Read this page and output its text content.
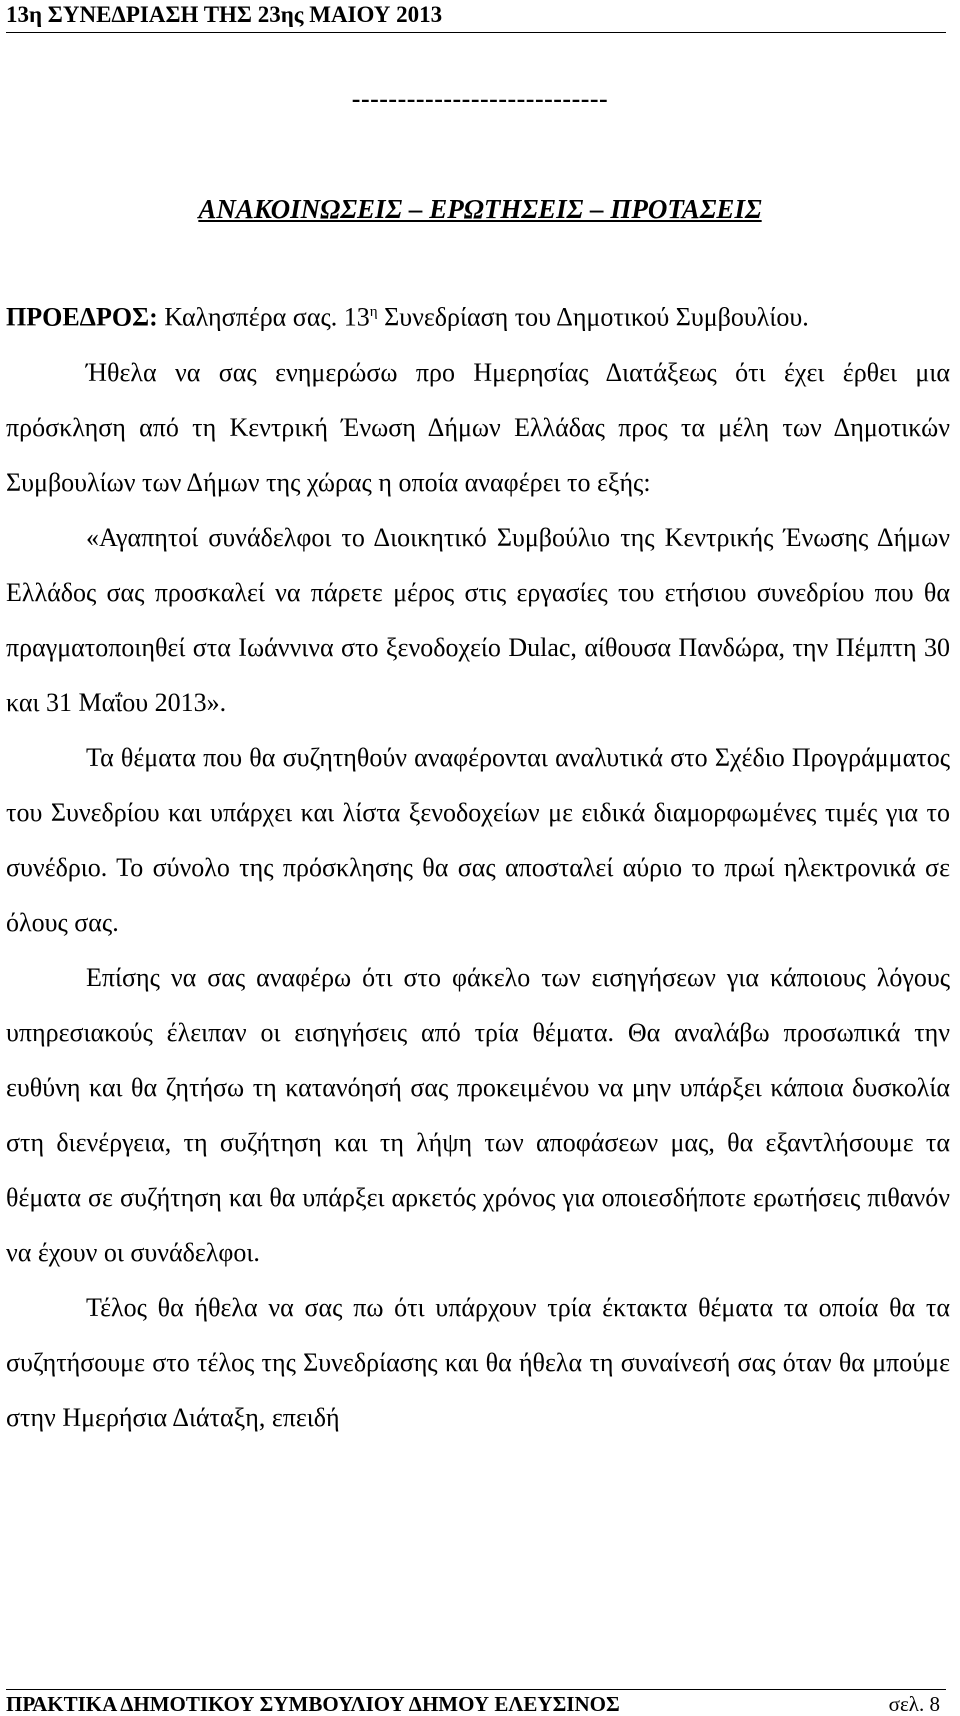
13η ΣΥΝΕΔΡΙΑΣΗ ΤΗΣ 23ης ΜΑΙΟΥ 2013
----------------------------
ΑΝΑΚΟΙΝΩΣΕΙΣ – ΕΡΩΤΗΣΕΙΣ – ΠΡΟΤΑΣΕΙΣ

ΠΡΟΕΔΡΟΣ: Καλησπέρα σας. $13^\eta$ Συνεδρίαση του Δημοτικού Συμβουλίου.

Ήθελα να σας ενημερώσω προ Ημερησίας Διατάξεως ότι έχει έρθει μια πρόσκληση από τη Κεντρική Ένωση Δήμων Ελλάδας προς τα μέλη των Δημοτικών Συμβουλίων των Δήμων της χώρας η οποία αναφέρει το εξής:

«Αγαπητοί συνάδελφοι το Διοικητικό Συμβούλιο της Κεντρικής Ένωσης Δήμων Ελλάδος σας προσκαλεί να πάρετε μέρος στις εργασίες του ετήσιου συνεδρίου που θα πραγματοποιηθεί στα Ιωάννινα στο ξενοδοχείο Dulac, αίθουσα Πανδώρα, την Πέμπτη 30 και 31 Μαΐου 2013».

Τα θέματα που θα συζητηθούν αναφέρονται αναλυτικά στο Σχέδιο Προγράμματος του Συνεδρίου και υπάρχει και λίστα ξενοδοχείων με ειδικά διαμορφωμένες τιμές για το συνέδριο. Το σύνολο της πρόσκλησης θα σας αποσταλεί αύριο το πρωί ηλεκτρονικά σε όλους σας.

Επίσης να σας αναφέρω ότι στο φάκελο των εισηγήσεων για κάποιους λόγους υπηρεσιακούς έλειπαν οι εισηγήσεις από τρία θέματα. Θα αναλάβω προσωπικά την ευθύνη και θα ζητήσω τη κατανόησή σας προκειμένου να μην υπάρξει κάποια δυσκολία στη διενέργεια, τη συζήτηση και τη λήψη των αποφάσεων μας, θα εξαντλήσουμε τα θέματα σε συζήτηση και θα υπάρξει αρκετός χρόνος για οποιεσδήποτε ερωτήσεις πιθανόν να έχουν οι συνάδελφοι.

Τέλος θα ήθελα να σας πω ότι υπάρχουν τρία έκτακτα θέματα τα οποία θα τα συζητήσουμε στο τέλος της Συνεδρίασης και θα ήθελα τη συναίνεσή σας όταν θα μπούμε στην Ημερήσια Διάταξη, επειδή

ΠΡΑΚΤΙΚΑ ΔΗΜΟΤΙΚΟΥ ΣΥΜΒΟΥΛΙΟΥ ΔΗΜΟΥ ΕΛΕΥΣΙΝΟΣ	σελ. 8
